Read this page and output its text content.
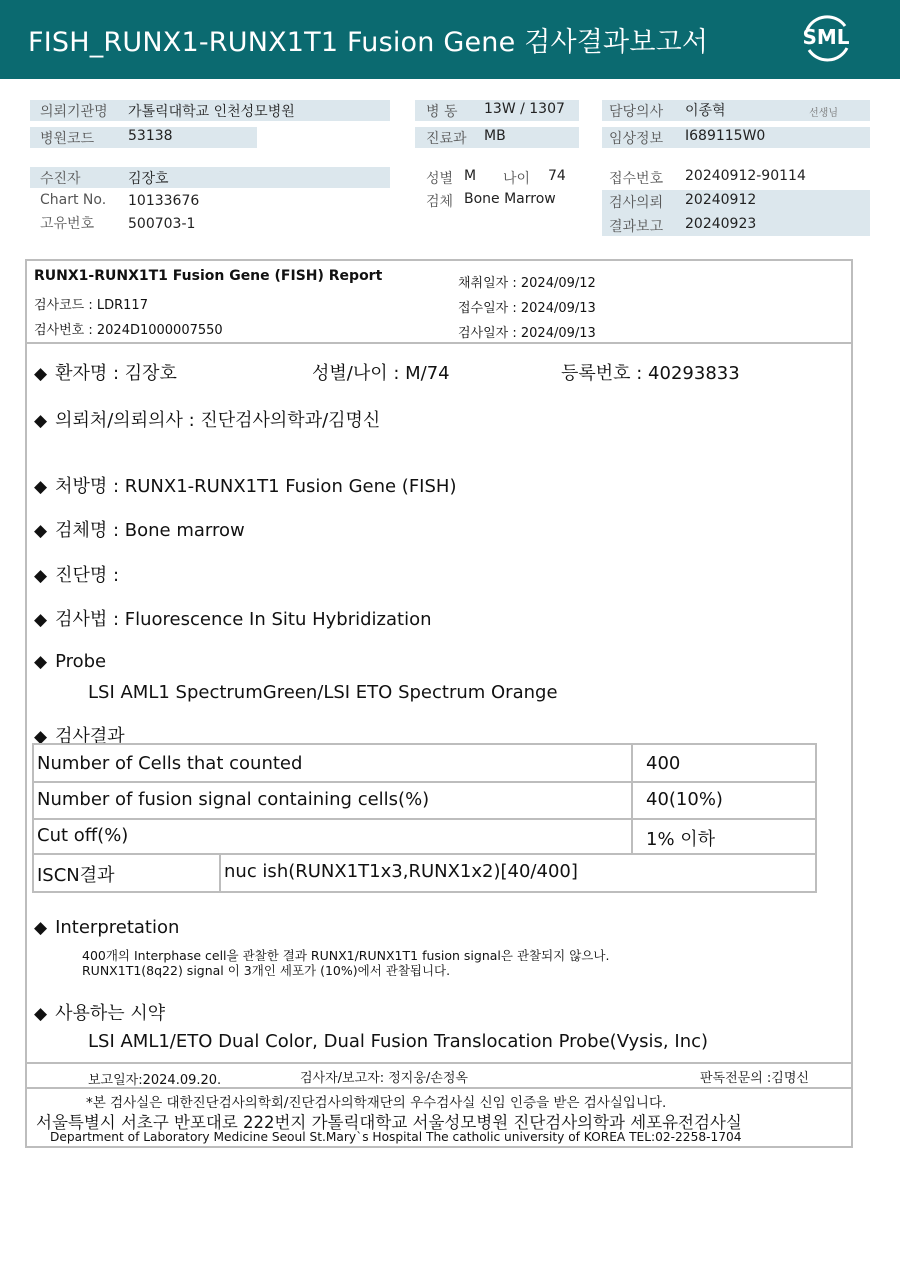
FISH_RUNX1-RUNX1T1 Fusion Gene 검사결과보고서	SML
의뢰기관명 가톨릭대학교 인천성모병원
병원코드 53138
병 동 13W / 1307
진료과 MB
담당의사 이종혁	선생님
임상정보 I689115W0
수진자	김장호
Chart No. 10133676
고유번호 500703-1
성별 M 나이 74
검체 Bone Marrow
접수번호 20240912-90114
검사의뢰 20240912
결과보고 20240923
RUNX1-RUNX1T1 Fusion Gene (FISH) Report
검사코드 : LDR117
검사번호 : 2024D1000007550
채취일자 : 2024/09/12
접수일자 : 2024/09/13
검사일자 : 2024/09/13
◆ 환자명 : 김장호	성별/나이 : M/74	등록번호 : 40293833
◆ 의뢰처/의뢰의사 : 진단검사의학과/김명신
◆ 처방명 : RUNX1-RUNX1T1 Fusion Gene (FISH)
◆ 검체명 : Bone marrow
◆ 진단명 :
◆ 검사법 : Fluorescence In Situ Hybridization
◆ Probe
LSI AML1 SpectrumGreen/LSI ETO Spectrum Orange
◆ 검사결과
Number of Cells that counted	400
Number of fusion signal containing cells(%)	40(10%)
Cut off(%)	1% 이하
ISCN결과	nuc ish(RUNX1T1x3,RUNX1x2)[40/400]
◆ Interpretation
400개의 Interphase cell을 관찰한 결과 RUNX1/RUNX1T1 fusion signal은 관찰되지 않으나.
RUNX1T1(8q22) signal 이 3개인 세포가 (10%)에서 관찰됩니다.
◆ 사용하는 시약
LSI AML1/ETO Dual Color, Dual Fusion Translocation Probe(Vysis, Inc)
보고일자:2024.09.20.	검사자/보고자: 정지웅/손정옥	판독전문의 :김명신
*본 검사실은 대한진단검사의학회/진단검사의학재단의 우수검사실 신임 인증을 받은 검사실입니다.
서울특별시 서초구 반포대로 222번지 가톨릭대학교 서울성모병원 진단검사의학과 세포유전검사실
Department of Laboratory Medicine Seoul St.Mary`s Hospital The catholic university of KOREA TEL:02-2258-1704
